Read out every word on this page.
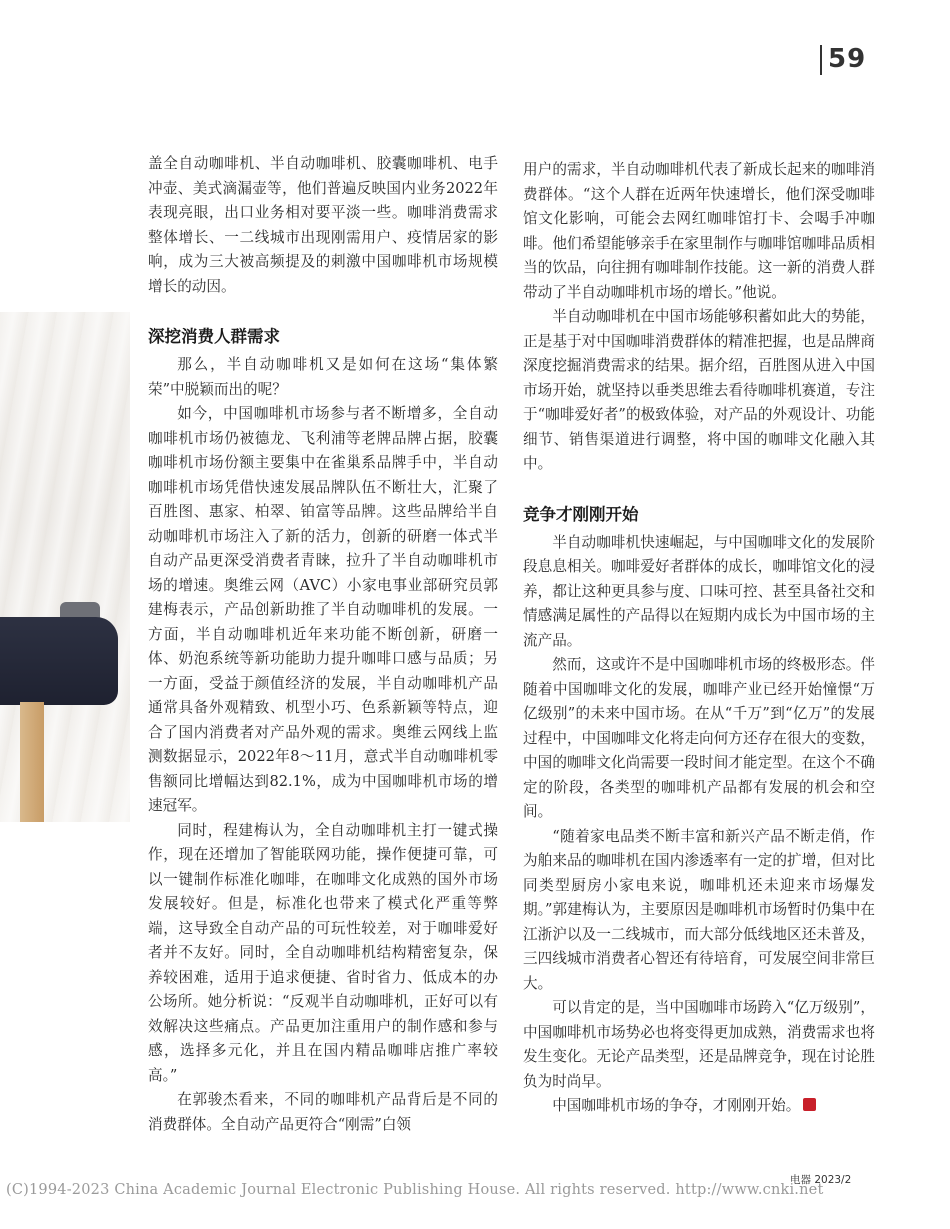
59

盖全自动咖啡机、半自动咖啡机、胶囊咖啡机、电手冲壶、美式滴漏壶等，他们普遍反映国内业务2022年表现亮眼，出口业务相对要平淡一些。咖啡消费需求整体增长、一二线城市出现刚需用户、疫情居家的影响，成为三大被高频提及的刺激中国咖啡机市场规模增长的动因。

深挖消费人群需求

那么，半自动咖啡机又是如何在这场“集体繁荣”中脱颖而出的呢？

如今，中国咖啡机市场参与者不断增多，全自动咖啡机市场仍被德龙、飞利浦等老牌品牌占据，胶囊咖啡机市场份额主要集中在雀巢系品牌手中，半自动咖啡机市场凭借快速发展品牌队伍不断壮大，汇聚了百胜图、惠家、柏翠、铂富等品牌。这些品牌给半自动咖啡机市场注入了新的活力，创新的研磨一体式半自动产品更深受消费者青睐，拉升了半自动咖啡机市场的增速。奥维云网（AVC）小家电事业部研究员郭建梅表示，产品创新助推了半自动咖啡机的发展。一方面，半自动咖啡机近年来功能不断创新，研磨一体、奶泡系统等新功能助力提升咖啡口感与品质；另一方面，受益于颜值经济的发展，半自动咖啡机产品通常具备外观精致、机型小巧、色系新颖等特点，迎合了国内消费者对产品外观的需求。奥维云网线上监测数据显示，2022年8～11月，意式半自动咖啡机零售额同比增幅达到82.1%，成为中国咖啡机市场的增速冠军。

同时，程建梅认为，全自动咖啡机主打一键式操作，现在还增加了智能联网功能，操作便捷可靠，可以一键制作标准化咖啡，在咖啡文化成熟的国外市场发展较好。但是，标准化也带来了模式化严重等弊端，这导致全自动产品的可玩性较差，对于咖啡爱好者并不友好。同时，全自动咖啡机结构精密复杂，保养较困难，适用于追求便捷、省时省力、低成本的办公场所。她分析说：“反观半自动咖啡机，正好可以有效解决这些痛点。产品更加注重用户的制作感和参与感，选择多元化，并且在国内精品咖啡店推广率较高。”

在郭骏杰看来，不同的咖啡机产品背后是不同的消费群体。全自动产品更符合“刚需”白领

用户的需求，半自动咖啡机代表了新成长起来的咖啡消费群体。“这个人群在近两年快速增长，他们深受咖啡馆文化影响，可能会去网红咖啡馆打卡、会喝手冲咖啡。他们希望能够亲手在家里制作与咖啡馆咖啡品质相当的饮品，向往拥有咖啡制作技能。这一新的消费人群带动了半自动咖啡机市场的增长。”他说。

半自动咖啡机在中国市场能够积蓄如此大的势能，正是基于对中国咖啡消费群体的精准把握，也是品牌商深度挖掘消费需求的结果。据介绍，百胜图从进入中国市场开始，就坚持以垂类思维去看待咖啡机赛道，专注于“咖啡爱好者”的极致体验，对产品的外观设计、功能细节、销售渠道进行调整，将中国的咖啡文化融入其中。

竞争才刚刚开始

半自动咖啡机快速崛起，与中国咖啡文化的发展阶段息息相关。咖啡爱好者群体的成长，咖啡馆文化的浸养，都让这种更具参与度、口味可控、甚至具备社交和情感满足属性的产品得以在短期内成长为中国市场的主流产品。

然而，这或许不是中国咖啡机市场的终极形态。伴随着中国咖啡文化的发展，咖啡产业已经开始憧憬“万亿级别”的未来中国市场。在从“千万”到“亿万”的发展过程中，中国咖啡文化将走向何方还存在很大的变数，中国的咖啡文化尚需要一段时间才能定型。在这个不确定的阶段，各类型的咖啡机产品都有发展的机会和空间。

“随着家电品类不断丰富和新兴产品不断走俏，作为舶来品的咖啡机在国内渗透率有一定的扩增，但对比同类型厨房小家电来说，咖啡机还未迎来市场爆发期。”郭建梅认为，主要原因是咖啡机市场暂时仍集中在江浙沪以及一二线城市，而大部分低线地区还未普及，三四线城市消费者心智还有待培育，可发展空间非常巨大。

可以肯定的是，当中国咖啡市场跨入“亿万级别”，中国咖啡机市场势必也将变得更加成熟，消费需求也将发生变化。无论产品类型，还是品牌竞争，现在讨论胜负为时尚早。

中国咖啡机市场的争夺，才刚刚开始。

电器 2023/2
(C)1994-2023 China Academic Journal Electronic Publishing House. All rights reserved. http://www.cnki.net
